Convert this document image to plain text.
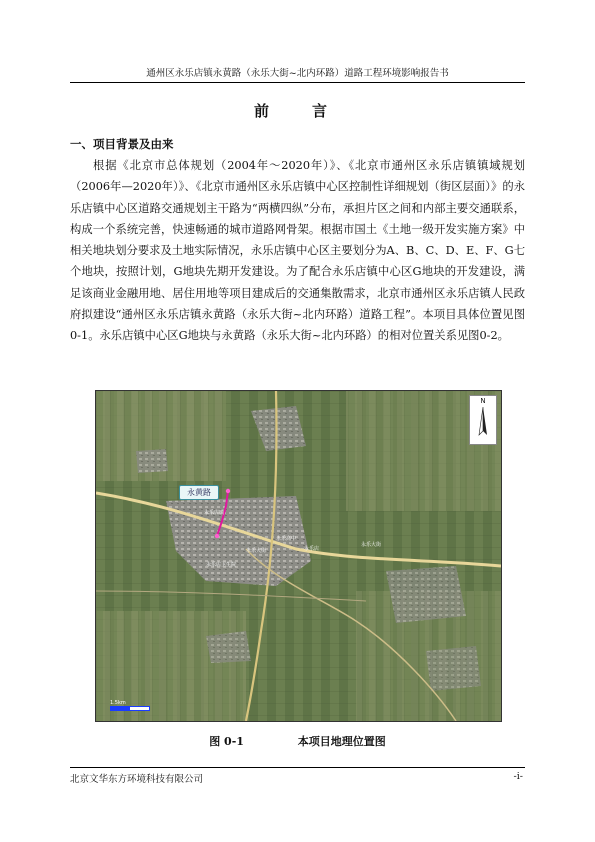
通州区永乐店镇永黄路（永乐大街~北内环路）道路工程环境影响报告书
前　言
一、项目背景及由来

根据《北京市总体规划（2004年～2020年）》、《北京市通州区永乐店镇镇域规划（2006年—2020年）》、《北京市通州区永乐店镇中心区控制性详细规划（街区层面）》的永乐店镇中心区道路交通规划主干路为“两横四纵”分布，承担片区之间和内部主要交通联系，构成一个系统完善，快速畅通的城市道路网骨架。根据市国土《土地一级开发实施方案》中相关地块划分要求及土地实际情况，永乐店镇中心区主要划分为A、B、C、D、E、F、G七个地块，按照计划，G地块先期开发建设。为了配合永乐店镇中心区G地块的开发建设，满足该商业金融用地、居住用地等项目建成后的交通集散需求，北京市通州区永乐店镇人民政府拟建设“通州区永乐店镇永黄路（永乐大街~北内环路）道路工程”。本项目具体位置见图0-1。永乐店镇中心区G地块与永黄路（永乐大街~北内环路）的相对位置关系见图0-2。

永黄路
永乐店镇
永乐大街
永乐高中
永乐店卫生院
永乐店
永乐大街
N
1.5km
图 0-1	本项目地理位置图
北京文华东方环境科技有限公司	-i-
